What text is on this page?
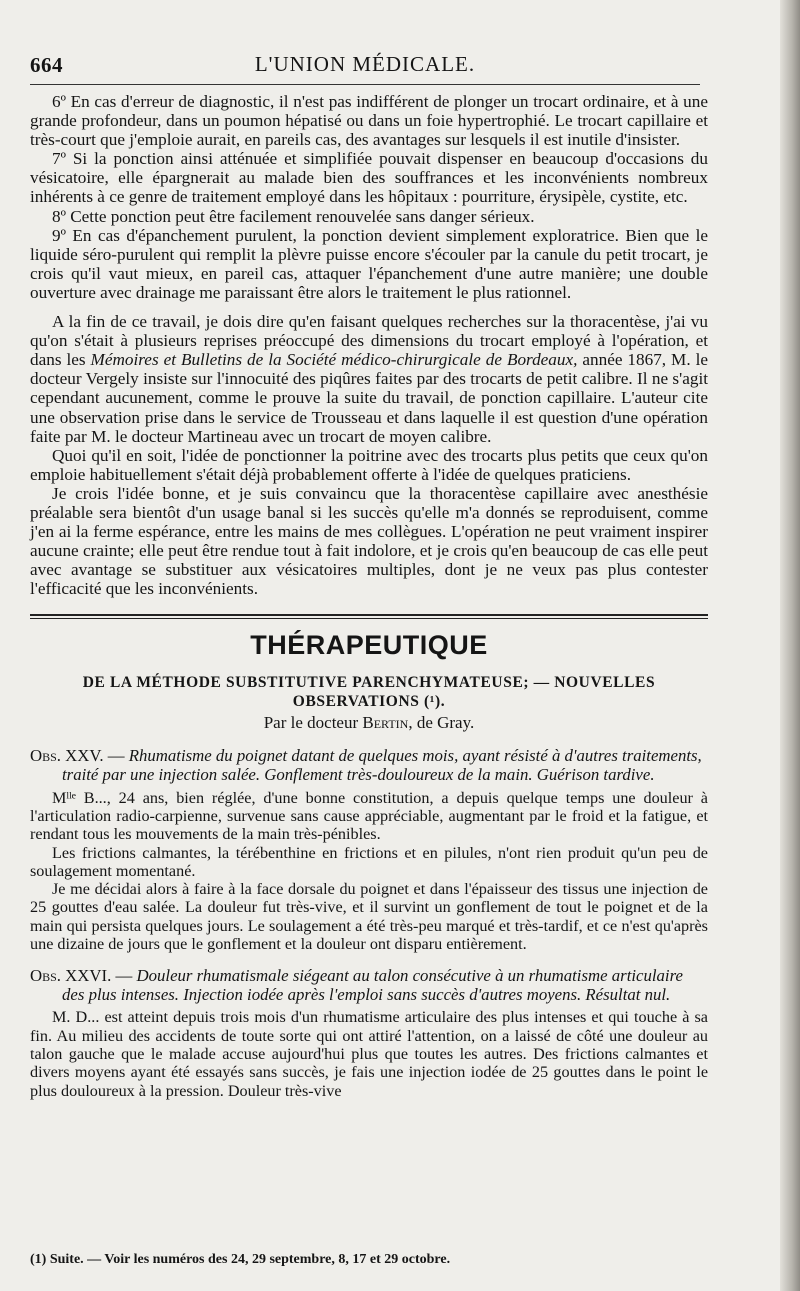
664	L'UNION MÉDICALE.

6º En cas d'erreur de diagnostic, il n'est pas indifférent de plonger un trocart ordinaire, et à une grande profondeur, dans un poumon hépatisé ou dans un foie hypertrophié. Le trocart capillaire et très-court que j'emploie aurait, en pareils cas, des avantages sur lesquels il est inutile d'insister.

7º Si la ponction ainsi atténuée et simplifiée pouvait dispenser en beaucoup d'occasions du vésicatoire, elle épargnerait au malade bien des souffrances et les inconvénients nombreux inhérents à ce genre de traitement employé dans les hôpitaux : pourriture, érysipèle, cystite, etc.

8º Cette ponction peut être facilement renouvelée sans danger sérieux.

9º En cas d'épanchement purulent, la ponction devient simplement exploratrice. Bien que le liquide séro-purulent qui remplit la plèvre puisse encore s'écouler par la canule du petit trocart, je crois qu'il vaut mieux, en pareil cas, attaquer l'épanchement d'une autre manière; une double ouverture avec drainage me paraissant être alors le traitement le plus rationnel.

A la fin de ce travail, je dois dire qu'en faisant quelques recherches sur la thoracentèse, j'ai vu qu'on s'était à plusieurs reprises préoccupé des dimensions du trocart employé à l'opération, et dans les Mémoires et Bulletins de la Société médico-chirurgicale de Bordeaux, année 1867, M. le docteur Vergely insiste sur l'innocuité des piqûres faites par des trocarts de petit calibre. Il ne s'agit cependant aucunement, comme le prouve la suite du travail, de ponction capillaire. L'auteur cite une observation prise dans le service de Trousseau et dans laquelle il est question d'une opération faite par M. le docteur Martineau avec un trocart de moyen calibre.

Quoi qu'il en soit, l'idée de ponctionner la poitrine avec des trocarts plus petits que ceux qu'on emploie habituellement s'était déjà probablement offerte à l'idée de quelques praticiens.

Je crois l'idée bonne, et je suis convaincu que la thoracentèse capillaire avec anesthésie préalable sera bientôt d'un usage banal si les succès qu'elle m'a donnés se reproduisent, comme j'en ai la ferme espérance, entre les mains de mes collègues. L'opération ne peut vraiment inspirer aucune crainte; elle peut être rendue tout à fait indolore, et je crois qu'en beaucoup de cas elle peut avec avantage se substituer aux vésicatoires multiples, dont je ne veux pas plus contester l'efficacité que les inconvénients.

THÉRAPEUTIQUE
DE LA MÉTHODE SUBSTITUTIVE PARENCHYMATEUSE; — NOUVELLES OBSERVATIONS (¹).
Par le docteur Bertin, de Gray.
Obs. XXV. — Rhumatisme du poignet datant de quelques mois, ayant résisté à d'autres traitements, traité par une injection salée. Gonflement très-douloureux de la main. Guérison tardive.

Mˡˡᵉ B..., 24 ans, bien réglée, d'une bonne constitution, a depuis quelque temps une douleur à l'articulation radio-carpienne, survenue sans cause appréciable, augmentant par le froid et la fatigue, et rendant tous les mouvements de la main très-pénibles.

Les frictions calmantes, la térébenthine en frictions et en pilules, n'ont rien produit qu'un peu de soulagement momentané.

Je me décidai alors à faire à la face dorsale du poignet et dans l'épaisseur des tissus une injection de 25 gouttes d'eau salée. La douleur fut très-vive, et il survint un gonflement de tout le poignet et de la main qui persista quelques jours. Le soulagement a été très-peu marqué et très-tardif, et ce n'est qu'après une dizaine de jours que le gonflement et la douleur ont disparu entièrement.

Obs. XXVI. — Douleur rhumatismale siégeant au talon consécutive à un rhumatisme articulaire des plus intenses. Injection iodée après l'emploi sans succès d'autres moyens. Résultat nul.

M. D... est atteint depuis trois mois d'un rhumatisme articulaire des plus intenses et qui touche à sa fin. Au milieu des accidents de toute sorte qui ont attiré l'attention, on a laissé de côté une douleur au talon gauche que le malade accuse aujourd'hui plus que toutes les autres. Des frictions calmantes et divers moyens ayant été essayés sans succès, je fais une injection iodée de 25 gouttes dans le point le plus douloureux à la pression. Douleur très-vive

(1) Suite. — Voir les numéros des 24, 29 septembre, 8, 17 et 29 octobre.
